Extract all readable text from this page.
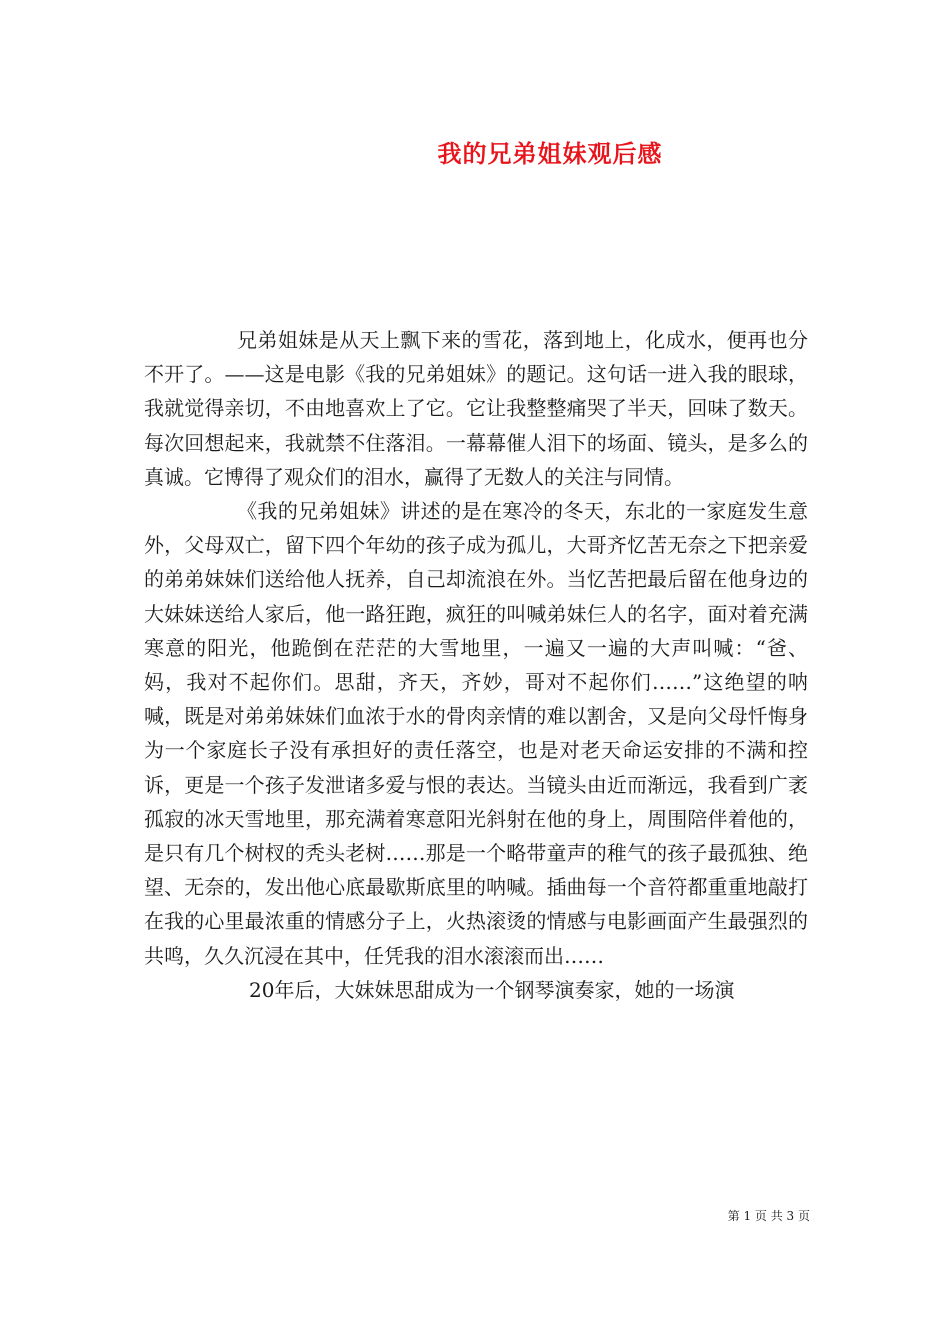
我的兄弟姐妹观后感

兄弟姐妹是从天上飘下来的雪花，落到地上，化成水，便再也分不开了。——这是电影《我的兄弟姐妹》的题记。这句话一进入我的眼球，我就觉得亲切，不由地喜欢上了它。它让我整整痛哭了半天，回味了数天。每次回想起来，我就禁不住落泪。一幕幕催人泪下的场面、镜头，是多么的真诚。它博得了观众们的泪水，赢得了无数人的关注与同情。

《我的兄弟姐妹》讲述的是在寒冷的冬天，东北的一家庭发生意外，父母双亡，留下四个年幼的孩子成为孤儿，大哥齐忆苦无奈之下把亲爱的弟弟妹妹们送给他人抚养，自己却流浪在外。当忆苦把最后留在他身边的大妹妹送给人家后，他一路狂跑，疯狂的叫喊弟妹仨人的名字，面对着充满寒意的阳光，他跪倒在茫茫的大雪地里，一遍又一遍的大声叫喊：“爸、妈，我对不起你们。思甜，齐天，齐妙，哥对不起你们……”这绝望的呐喊，既是对弟弟妹妹们血浓于水的骨肉亲情的难以割舍，又是向父母忏悔身为一个家庭长子没有承担好的责任落空，也是对老天命运安排的不满和控诉，更是一个孩子发泄诸多爱与恨的表达。当镜头由近而渐远，我看到广袤孤寂的冰天雪地里，那充满着寒意阳光斜射在他的身上，周围陪伴着他的，是只有几个树杈的秃头老树……那是一个略带童声的稚气的孩子最孤独、绝望、无奈的，发出他心底最歇斯底里的呐喊。插曲每一个音符都重重地敲打在我的心里最浓重的情感分子上，火热滚烫的情感与电影画面产生最强烈的共鸣，久久沉浸在其中，任凭我的泪水滚滚而出……

20年后，大妹妹思甜成为一个钢琴演奏家，她的一场演

第 1 页 共 3 页
